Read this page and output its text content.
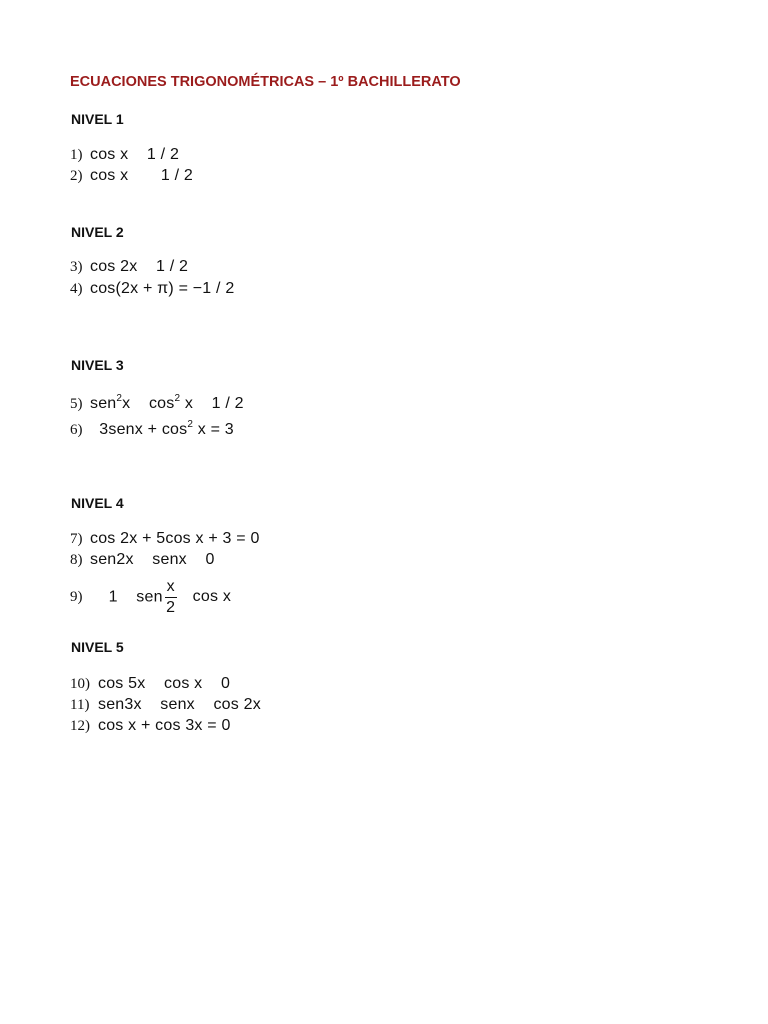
ECUACIONES TRIGONOMÉTRICAS – 1º BACHILLERATO
NIVEL 1
1) cos x    1 / 2
2) cos x       1 / 2
NIVEL 2
3) cos 2x    1 / 2
4) cos(2x + π) = −1 / 2
NIVEL 3
5) sen$^2$x    $\cos^2 x$    1 / 2
6) 3senx + $\cos^2 x = 3$
NIVEL 4
7) cos 2x + 5cos x + 3 = 0
8) sen2x    senx    0
9)	1    sen $\frac{x}{2}$ cos x

NIVEL 5
10) cos 5x    cos x    0
11) sen3x    senx    cos 2x
12) cos x + cos 3x = 0
